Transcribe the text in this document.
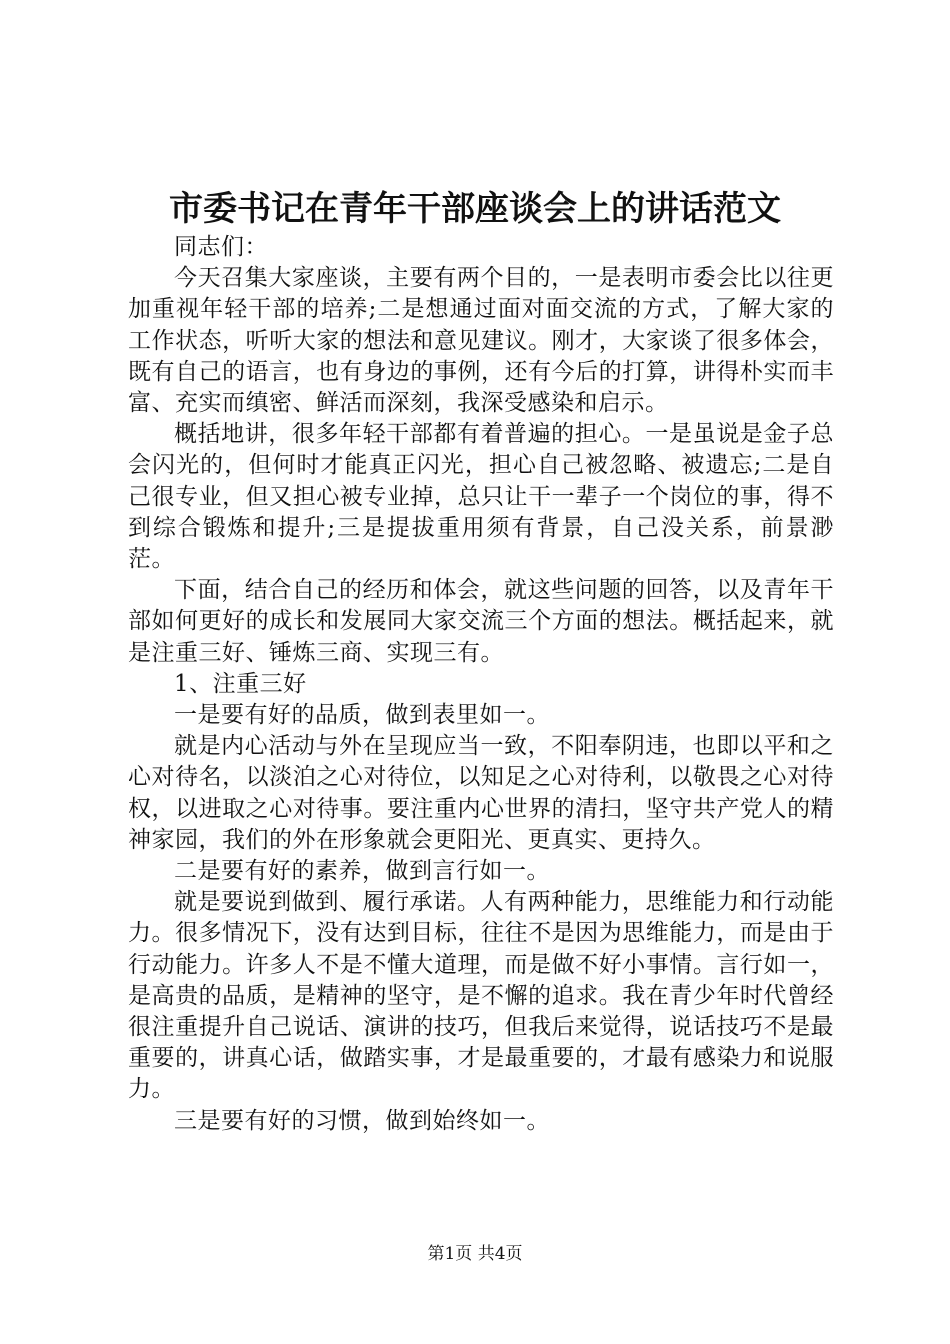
市委书记在青年干部座谈会上的讲话范文

同志们：

今天召集大家座谈，主要有两个目的，一是表明市委会比以往更加重视年轻干部的培养;二是想通过面对面交流的方式，了解大家的工作状态，听听大家的想法和意见建议。刚才，大家谈了很多体会，既有自己的语言，也有身边的事例，还有今后的打算，讲得朴实而丰富、充实而缜密、鲜活而深刻，我深受感染和启示。

概括地讲，很多年轻干部都有着普遍的担心。一是虽说是金子总会闪光的，但何时才能真正闪光，担心自己被忽略、被遗忘;二是自己很专业，但又担心被专业掉，总只让干一辈子一个岗位的事，得不到综合锻炼和提升;三是提拔重用须有背景，自己没关系，前景渺茫。

下面，结合自己的经历和体会，就这些问题的回答，以及青年干部如何更好的成长和发展同大家交流三个方面的想法。概括起来，就是注重三好、锤炼三商、实现三有。

1、注重三好

一是要有好的品质，做到表里如一。

就是内心活动与外在呈现应当一致，不阳奉阴违，也即以平和之心对待名，以淡泊之心对待位，以知足之心对待利，以敬畏之心对待权，以进取之心对待事。要注重内心世界的清扫，坚守共产党人的精神家园，我们的外在形象就会更阳光、更真实、更持久。

二是要有好的素养，做到言行如一。

就是要说到做到、履行承诺。人有两种能力，思维能力和行动能力。很多情况下，没有达到目标，往往不是因为思维能力，而是由于行动能力。许多人不是不懂大道理，而是做不好小事情。言行如一，是高贵的品质，是精神的坚守，是不懈的追求。我在青少年时代曾经很注重提升自己说话、演讲的技巧，但我后来觉得，说话技巧不是最重要的，讲真心话，做踏实事，才是最重要的，才最有感染力和说服力。

三是要有好的习惯，做到始终如一。

第1页 共4页
